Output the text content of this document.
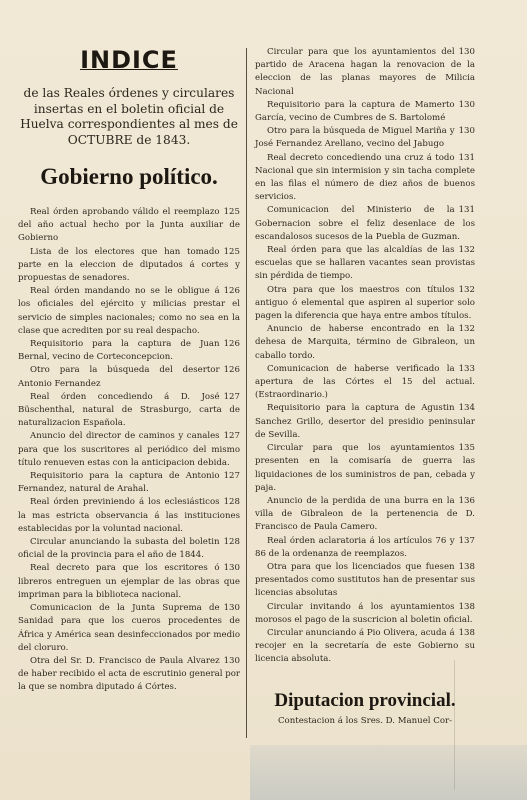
INDICE
de las Reales órdenes y circulares insertas en el boletin oficial de Huelva correspondientes al mes de OCTUBRE de 1843.
Gobierno político.
125
Real órden aprobando válido el reemplazo del año actual hecho por la Junta auxiliar de Gobierno
125
Lista de los electores que han tomado parte en la eleccion de diputados á cortes y propuestas de senadores.
126
Real órden mandando no se le obligue á los oficiales del ejército y milicias prestar el servicio de simples nacionales; como no sea en la clase que acrediten por su real despacho.
126
Requisitorio para la captura de Juan Bernal, vecino de Corteconcepcion.
126
Otro para la búsqueda del desertor Antonio Fernandez
127
Real órden concediendo á D. José Büschenthal, natural de Strasburgo, carta de naturalizacion Española.
127
Anuncio del director de caminos y canales para que los suscritores al periódico del mismo título renueven estas con la anticipacion debida.
127
Requisitorio para la captura de Antonio Fernandez, natural de Arahal.
128
Real órden previniendo á los eclesiásticos la mas estricta observancia á las instituciones establecidas por la voluntad nacional.
128
Circular anunciando la subasta del boletin oficial de la provincia para el año de 1844.
130
Real decreto para que los escritores ó libreros entreguen un ejemplar de las obras que impriman para la biblioteca nacional.
130
Comunicacion de la Junta Suprema de Sanidad para que los cueros procedentes de África y América sean desinfeccionados por medio del cloruro.
130
Otra del Sr. D. Francisco de Paula Alvarez de haber recibido el acta de escrutinio general por la que se nombra diputado á Córtes.
130
Circular para que los ayuntamientos del partido de Aracena hagan la renovacion de la eleccion de las planas mayores de Milicia Nacional
130
Requisitorio para la captura de Mamerto García, vecino de Cumbres de S. Bartolomé
130
Otro para la búsqueda de Miguel Mariña y José Fernandez Arellano, vecino del Jabugo
131
Real decreto concediendo una cruz á todo Nacional que sin intermision y sin tacha complete en las filas el número de diez años de buenos servicios.
131
Comunicacion del Ministerio de la Gobernacion sobre el feliz desenlace de los escandalosos sucesos de la Puebla de Guzman.
132
Real órden para que las alcaldías de las escuelas que se hallaren vacantes sean provistas sin pérdida de tiempo.
132
Otra para que los maestros con títulos antiguo ó elemental que aspiren al superior solo pagen la diferencia que haya entre ambos títulos.
132
Anuncio de haberse encontrado en la dehesa de Marquita, término de Gibraleon, un caballo tordo.
133
Comunicacion de haberse verificado la apertura de las Córtes el 15 del actual. (Estraordinario.)
134
Requisitorio para la captura de Agustin Sanchez Grillo, desertor del presidio peninsular de Sevilla.
135
Circular para que los ayuntamientos presenten en la comisaría de guerra las liquidaciones de los suministros de pan, cebada y paja.
136
Anuncio de la perdida de una burra en la villa de Gibraleon de la pertenencia de D. Francisco de Paula Camero.
137
Real órden aclaratoria á los artículos 76 y 86 de la ordenanza de reemplazos.
138
Otra para que los licenciados que fuesen presentados como sustitutos han de presentar sus licencias absolutas
138
Circular invitando á los ayuntamientos morosos el pago de la suscricion al boletin oficial.
138
Circular anunciando á Pio Olivera, acuda á recojer en la secretaría de este Gobierno su licencia absoluta.
Diputacion provincial.
Contestacion á los Sres. D. Manuel Cor-
